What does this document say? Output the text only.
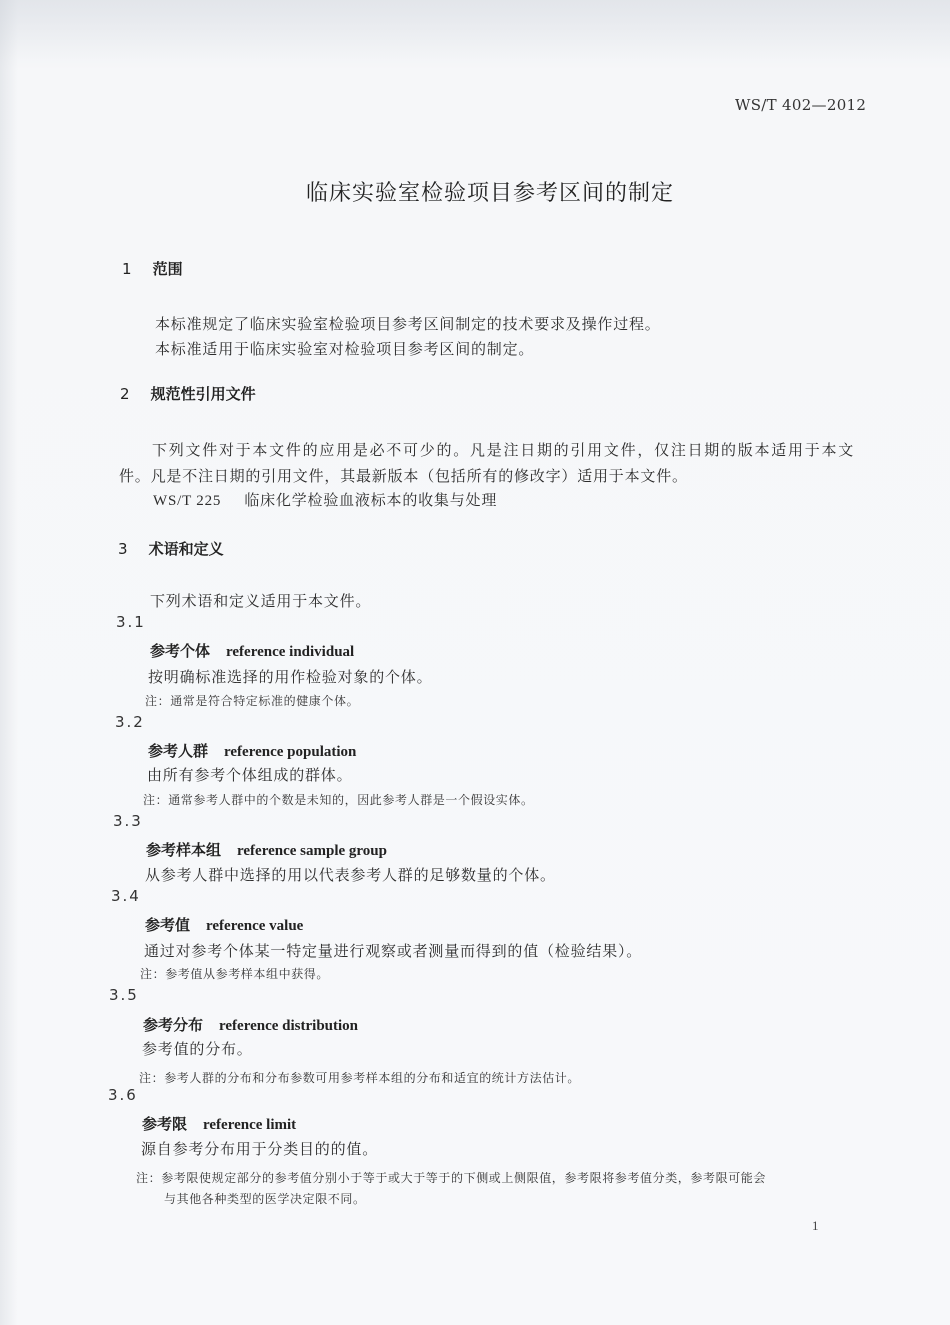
WS/T 402—2012
临床实验室检验项目参考区间的制定
1 范围
本标准规定了临床实验室检验项目参考区间制定的技术要求及操作过程。
本标准适用于临床实验室对检验项目参考区间的制定。
2 规范性引用文件
下列文件对于本文件的应用是必不可少的。凡是注日期的引用文件，仅注日期的版本适用于本文
件。凡是不注日期的引用文件，其最新版本（包括所有的修改字）适用于本文件。
WS/T 225 临床化学检验血液标本的收集与处理
3 术语和定义
下列术语和定义适用于本文件。
3.1
参考个体 reference individual
按明确标准选择的用作检验对象的个体。
注：通常是符合特定标准的健康个体。
3.2
参考人群 reference population
由所有参考个体组成的群体。
注：通常参考人群中的个数是未知的，因此参考人群是一个假设实体。
3.3
参考样本组 reference sample group
从参考人群中选择的用以代表参考人群的足够数量的个体。
3.4
参考值 reference value
通过对参考个体某一特定量进行观察或者测量而得到的值（检验结果）。
注：参考值从参考样本组中获得。
3.5
参考分布 reference distribution
参考值的分布。
注：参考人群的分布和分布参数可用参考样本组的分布和适宜的统计方法估计。
3.6
参考限 reference limit
源自参考分布用于分类目的的值。
注：参考限使规定部分的参考值分别小于等于或大于等于的下侧或上侧限值，参考限将参考值分类，参考限可能会
与其他各种类型的医学决定限不同。
1
